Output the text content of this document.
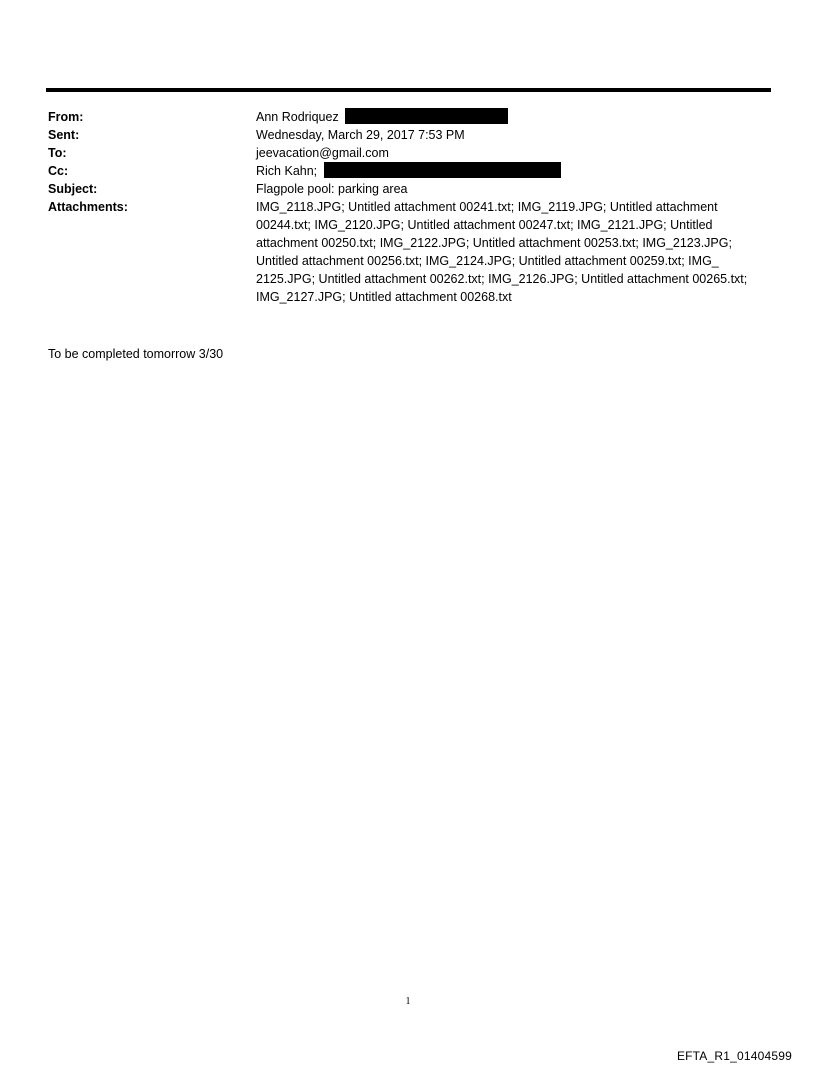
From:	Ann Rodriquez
Sent:	Wednesday, March 29, 2017 7:53 PM
To:	jeevacation@gmail.com
Cc:	Rich Kahn;
Subject:	Flagpole pool: parking area
Attachments:	IMG_2118.JPG; Untitled attachment 00241.txt; IMG_2119.JPG; Untitled attachment 00244.txt; IMG_2120.JPG; Untitled attachment 00247.txt; IMG_2121.JPG; Untitled attachment 00250.txt; IMG_2122.JPG; Untitled attachment 00253.txt; IMG_2123.JPG; Untitled attachment 00256.txt; IMG_2124.JPG; Untitled attachment 00259.txt; IMG_ 2125.JPG; Untitled attachment 00262.txt; IMG_2126.JPG; Untitled attachment 00265.txt; IMG_2127.JPG; Untitled attachment 00268.txt
To be completed tomorrow 3/30
1
EFTA_R1_01404599
